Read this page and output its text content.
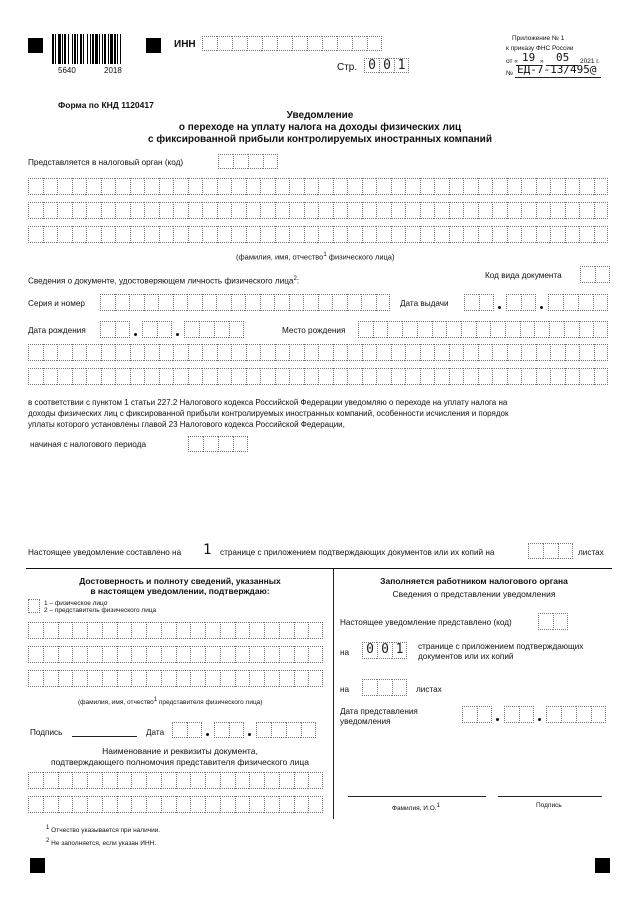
5640	2018
ИНН
Стр. 0 0 1
Приложение № 1
к приказу ФНС России
от « 19 » 05 2021 г.
№ ЕД-7-13/495@
Форма по КНД 1120417
Уведомление
о переходе на уплату налога на доходы физических лиц
с фиксированной прибыли контролируемых иностранных компаний
Представляется в налоговый орган (код)
(фамилия, имя, отчество$^1$ физического лица)
Сведения о документе, удостоверяющем личность физического лица$^2$:
Код вида документа
Серия и номер	Дата выдачи
Дата рождения	Место рождения
в соответствии с пунктом 1 статьи 227.2 Налогового кодекса Российской Федерации уведомляю о переходе на уплату налога на
доходы физических лиц с фиксированной прибыли контролируемых иностранных компаний, особенности исчисления и порядок
уплаты которого установлены главой 23 Налогового кодекса Российской Федерации,
начиная с налогового периода
Настоящее уведомление составлено на 1 странице с приложением подтверждающих документов или их копий на	листах
Достоверность и полноту сведений, указанных
в настоящем уведомлении, подтверждаю:
1 – физическое лицо
2 – представитель физического лица
(фамилия, имя, отчество1 представителя физического лица)
Подпись	Дата
Наименование и реквизиты документа,
подтверждающего полномочия представителя физического лица
Заполняется работником налогового органа
Сведения о представлении уведомления
Настоящее уведомление представлено (код)
на	0 0 1	странице с приложением подтверждающих
документов или их копий
на	листах
Дата представления
уведомления
Фамилия, И.О.1	Подпись
1 Отчество указывается при наличии.
2 Не заполняется, если указан ИНН.
